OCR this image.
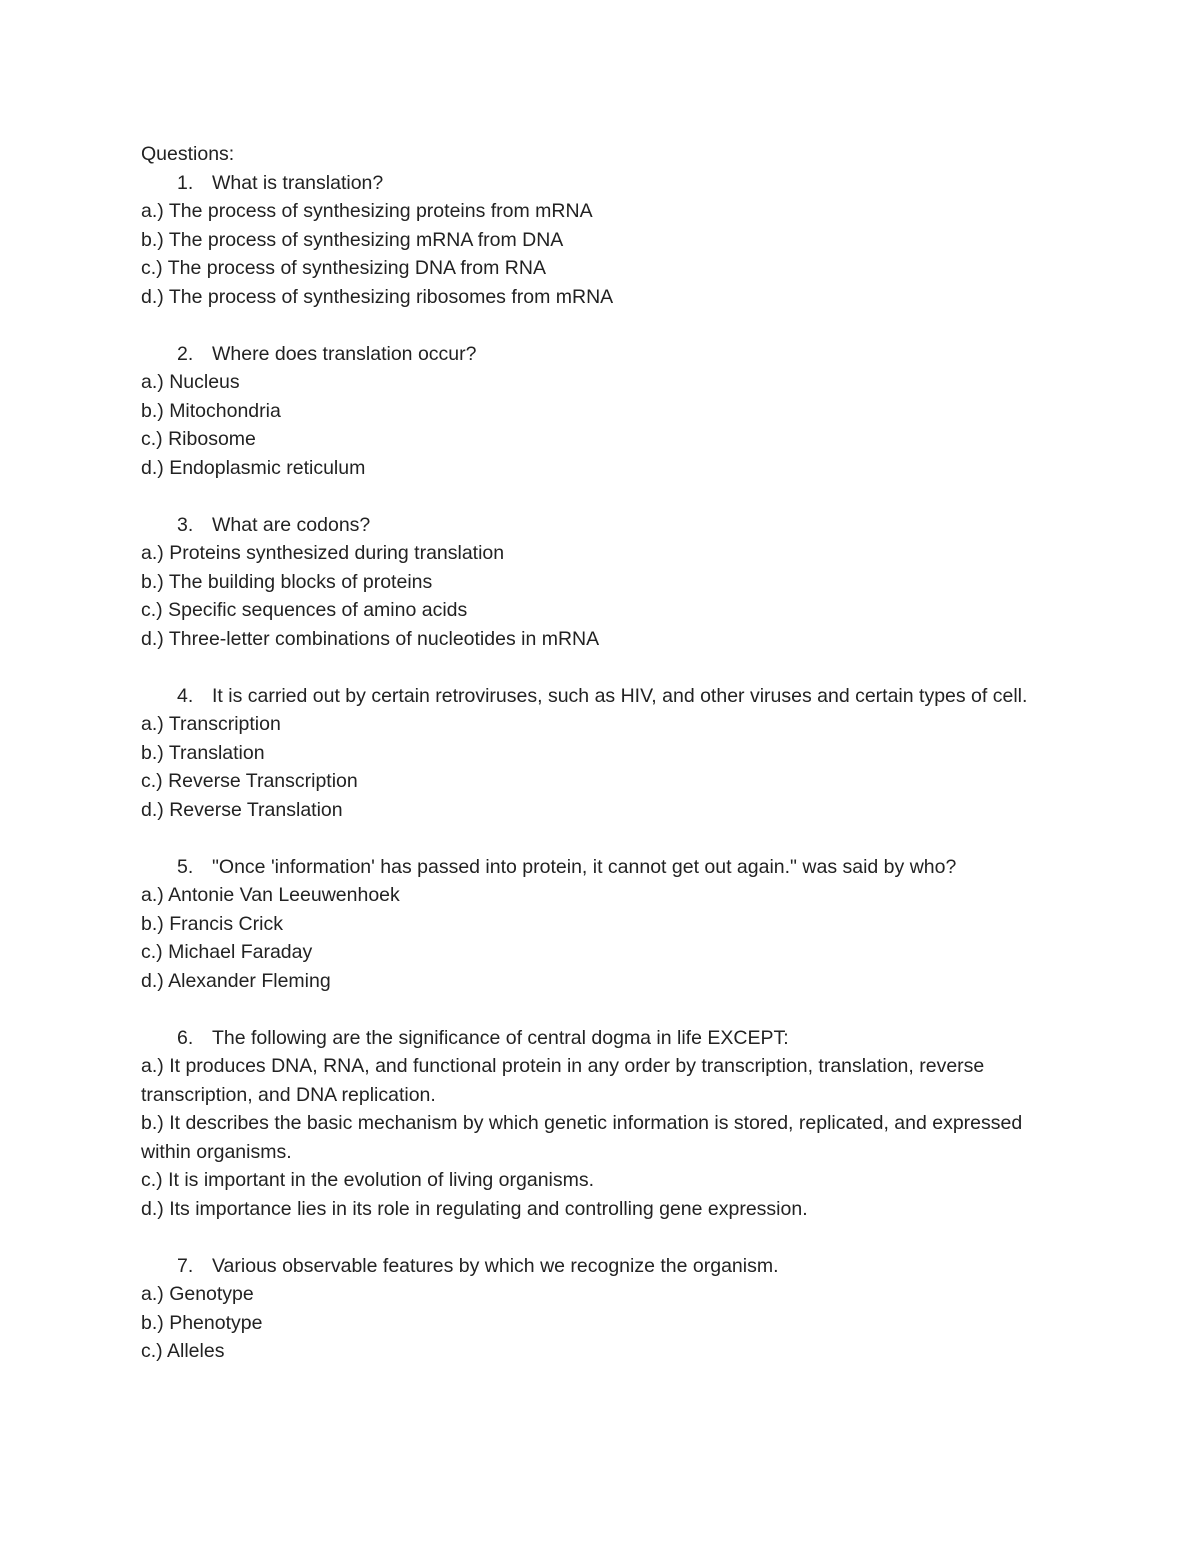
Questions:

1. What is translation?

a.) The process of synthesizing proteins from mRNA

b.) The process of synthesizing mRNA from DNA

c.) The process of synthesizing DNA from RNA

d.) The process of synthesizing ribosomes from mRNA

2. Where does translation occur?

a.) Nucleus

b.) Mitochondria

c.) Ribosome

d.) Endoplasmic reticulum

3. What are codons?

a.) Proteins synthesized during translation

b.) The building blocks of proteins

c.) Specific sequences of amino acids

d.) Three-letter combinations of nucleotides in mRNA

4. It is carried out by certain retroviruses, such as HIV, and other viruses and certain types of cell.

a.) Transcription

b.) Translation

c.) Reverse Transcription

d.) Reverse Translation

5. "Once 'information' has passed into protein, it cannot get out again." was said by who?

a.) Antonie Van Leeuwenhoek

b.) Francis Crick

c.) Michael Faraday

d.) Alexander Fleming

6. The following are the significance of central dogma in life EXCEPT:

a.) It produces DNA, RNA, and functional protein in any order by transcription, translation, reverse transcription, and DNA replication.

b.) It describes the basic mechanism by which genetic information is stored, replicated, and expressed within organisms.

c.) It is important in the evolution of living organisms.

d.) Its importance lies in its role in regulating and controlling gene expression.

7. Various observable features by which we recognize the organism.

a.) Genotype

b.) Phenotype

c.) Alleles
